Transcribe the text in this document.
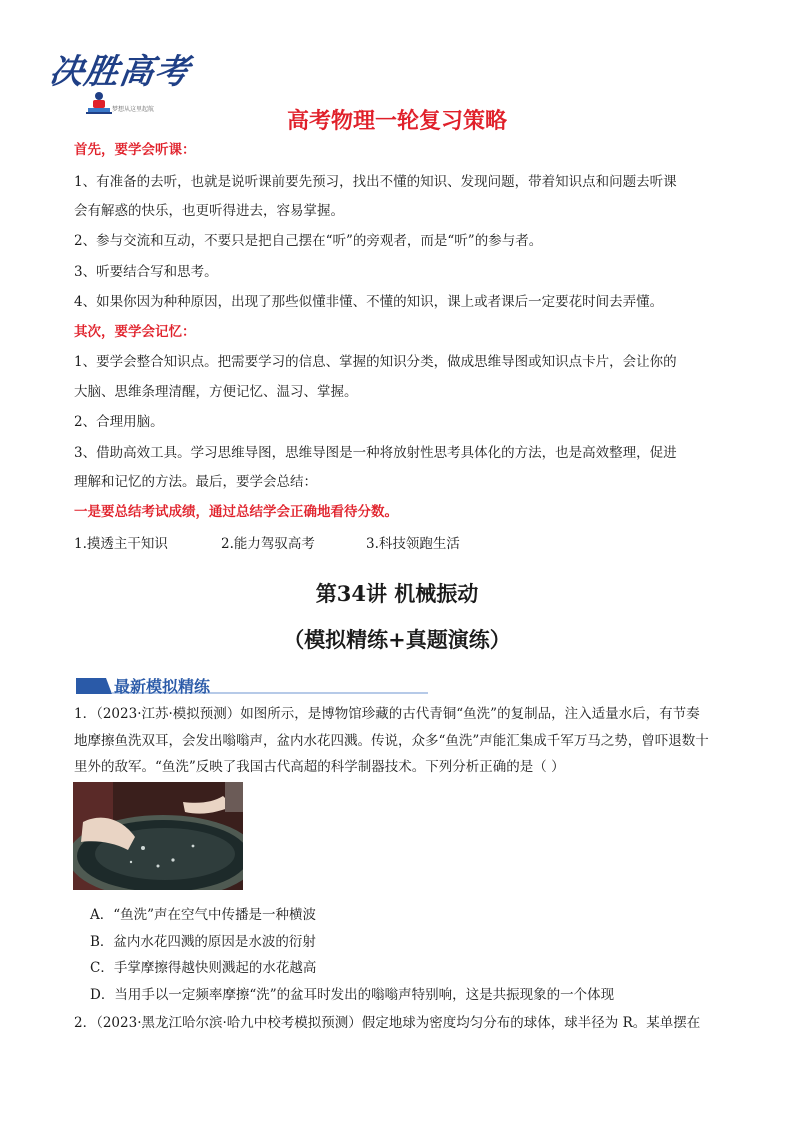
决胜高考
梦想从这里起航	高考物理一轮复习策略
首先，要学会听课：
1、有准备的去听，也就是说听课前要先预习，找出不懂的知识、发现问题，带着知识点和问题去听课
会有解惑的快乐，也更听得进去，容易掌握。
2、参与交流和互动，不要只是把自己摆在“听”的旁观者，而是“听”的参与者。
3、听要结合写和思考。
4、如果你因为种种原因，出现了那些似懂非懂、不懂的知识，课上或者课后一定要花时间去弄懂。
其次，要学会记忆：
1、要学会整合知识点。把需要学习的信息、掌握的知识分类，做成思维导图或知识点卡片，会让你的
大脑、思维条理清醒，方便记忆、温习、掌握。
2、合理用脑。
3、借助高效工具。学习思维导图，思维导图是一种将放射性思考具体化的方法，也是高效整理，促进
理解和记忆的方法。最后，要学会总结：
一是要总结考试成绩，通过总结学会正确地看待分数。
1.摸透主干知识	2.能力驾驭高考	3.科技领跑生活
第34讲 机械振动
（模拟精练+真题演练）
最新模拟精练
1．（2023·江苏·模拟预测）如图所示，是博物馆珍藏的古代青铜“鱼洗”的复制品，注入适量水后，有节奏
地摩擦鱼洗双耳，会发出嗡嗡声，盆内水花四溅。传说，众多“鱼洗”声能汇集成千军万马之势，曾吓退数十
里外的敌军。“鱼洗”反映了我国古代高超的科学制器技术。下列分析正确的是（ ）
A．“鱼洗”声在空气中传播是一种横波
B．盆内水花四溅的原因是水波的衍射
C．手掌摩擦得越快则溅起的水花越高
D．当用手以一定频率摩擦“洗”的盆耳时发出的嗡嗡声特别响，这是共振现象的一个体现
2．（2023·黑龙江哈尔滨·哈九中校考模拟预测）假定地球为密度均匀分布的球体，球半径为 R。某单摆在
